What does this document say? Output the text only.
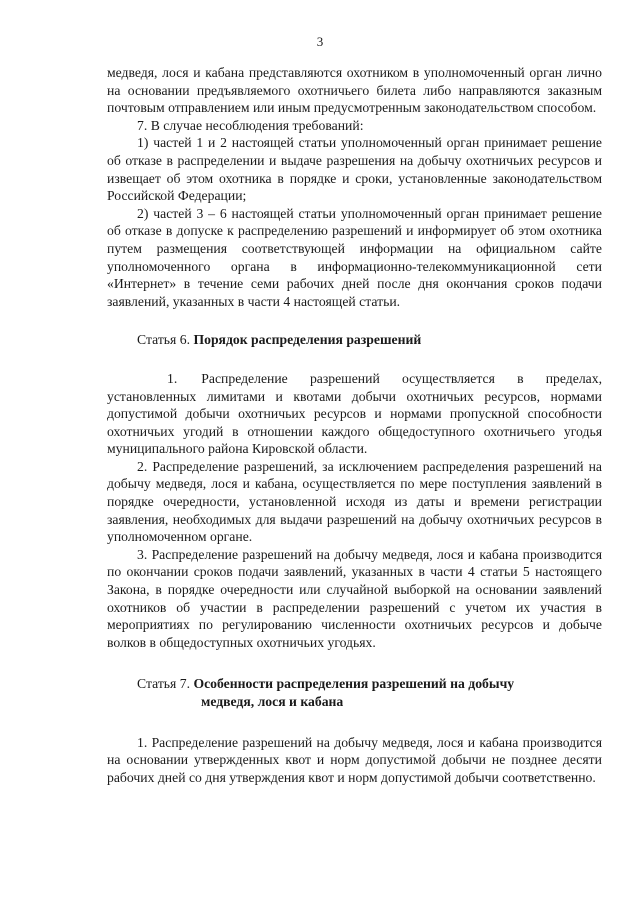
3

медведя, лося и кабана представляются охотником в уполномоченный орган лично на основании предъявляемого охотничьего билета либо направляются заказным почтовым отправлением или иным предусмотренным законодательством способом.

7. В случае несоблюдения требований:

1) частей 1 и 2 настоящей статьи уполномоченный орган принимает решение об отказе в распределении и выдаче разрешения на добычу охотничьих ресурсов и извещает об этом охотника в порядке и сроки, установленные законодательством Российской Федерации;

2) частей 3 – 6 настоящей статьи уполномоченный орган принимает решение об отказе в допуске к распределению разрешений и информирует об этом охотника путем размещения соответствующей информации на официальном сайте уполномоченного органа в информационно-телекоммуникационной сети «Интернет» в течение семи рабочих дней после дня окончания сроков подачи заявлений, указанных в части 4 настоящей статьи.

Статья 6. Порядок распределения разрешений

1. Распределение разрешений осуществляется в пределах, установленных лимитами и квотами добычи охотничьих ресурсов, нормами допустимой добычи охотничьих ресурсов и нормами пропускной способности охотничьих угодий в отношении каждого общедоступного охотничьего угодья муниципального района Кировской области.

2. Распределение разрешений, за исключением распределения разрешений на добычу медведя, лося и кабана, осуществляется по мере поступления заявлений в порядке очередности, установленной исходя из даты и времени регистрации заявления, необходимых для выдачи разрешений на добычу охотничьих ресурсов в уполномоченном органе.

3. Распределение разрешений на добычу медведя, лося и кабана производится по окончании сроков подачи заявлений, указанных в части 4 статьи 5 настоящего Закона, в порядке очередности или случайной выборкой на основании заявлений охотников об участии в распределении разрешений с учетом их участия в мероприятиях по регулированию численности охотничьих ресурсов и добыче волков в общедоступных охотничьих угодьях.

Статья 7. Особенности распределения разрешений на добычу

медведя, лося и кабана

1. Распределение разрешений на добычу медведя, лося и кабана производится на основании утвержденных квот и норм допустимой добычи не позднее десяти рабочих дней со дня утверждения квот и норм допустимой добычи соответственно.
